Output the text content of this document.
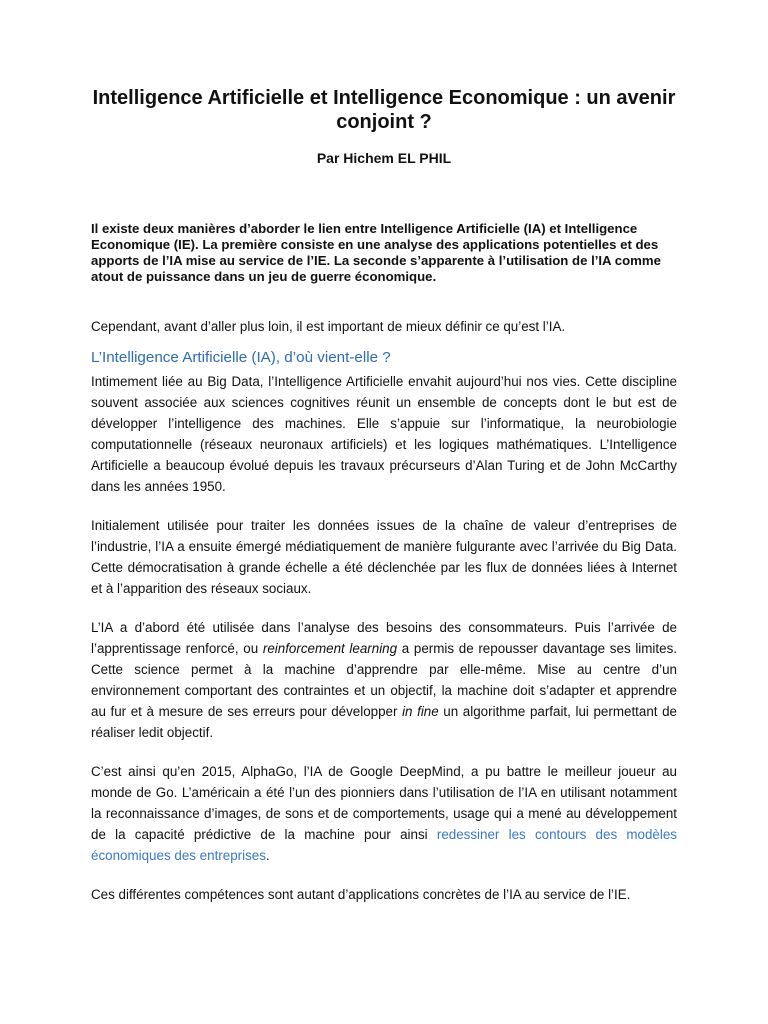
Intelligence Artificielle et Intelligence Economique : un avenir conjoint ?
Par Hichem EL PHIL

Il existe deux manières d’aborder le lien entre Intelligence Artificielle (IA) et Intelligence Economique (IE). La première consiste en une analyse des applications potentielles et des apports de l’IA mise au service de l’IE. La seconde s’apparente à l’utilisation de l’IA comme atout de puissance dans un jeu de guerre économique.

Cependant, avant d’aller plus loin, il est important de mieux définir ce qu’est l’IA.

L’Intelligence Artificielle (IA), d’où vient-elle ?

Intimement liée au Big Data, l’Intelligence Artificielle envahit aujourd’hui nos vies. Cette discipline souvent associée aux sciences cognitives réunit un ensemble de concepts dont le but est de développer l’intelligence des machines. Elle s’appuie sur l’informatique, la neurobiologie computationnelle (réseaux neuronaux artificiels) et les logiques mathématiques. L’Intelligence Artificielle a beaucoup évolué depuis les travaux précurseurs d’Alan Turing et de John McCarthy dans les années 1950.

Initialement utilisée pour traiter les données issues de la chaîne de valeur d’entreprises de l’industrie, l’IA a ensuite émergé médiatiquement de manière fulgurante avec l’arrivée du Big Data. Cette démocratisation à grande échelle a été déclenchée par les flux de données liées à Internet et à l’apparition des réseaux sociaux.

L’IA a d’abord été utilisée dans l’analyse des besoins des consommateurs. Puis l’arrivée de l’apprentissage renforcé, ou reinforcement learning a permis de repousser davantage ses limites. Cette science permet à la machine d’apprendre par elle-même. Mise au centre d’un environnement comportant des contraintes et un objectif, la machine doit s’adapter et apprendre au fur et à mesure de ses erreurs pour développer in fine un algorithme parfait, lui permettant de réaliser ledit objectif.

C’est ainsi qu’en 2015, AlphaGo, l’IA de Google DeepMind, a pu battre le meilleur joueur au monde de Go. L’américain a été l’un des pionniers dans l’utilisation de l’IA en utilisant notamment la reconnaissance d’images, de sons et de comportements, usage qui a mené au développement de la capacité prédictive de la machine pour ainsi redessiner les contours des modèles économiques des entreprises.

Ces différentes compétences sont autant d’applications concrètes de l’IA au service de l’IE.
